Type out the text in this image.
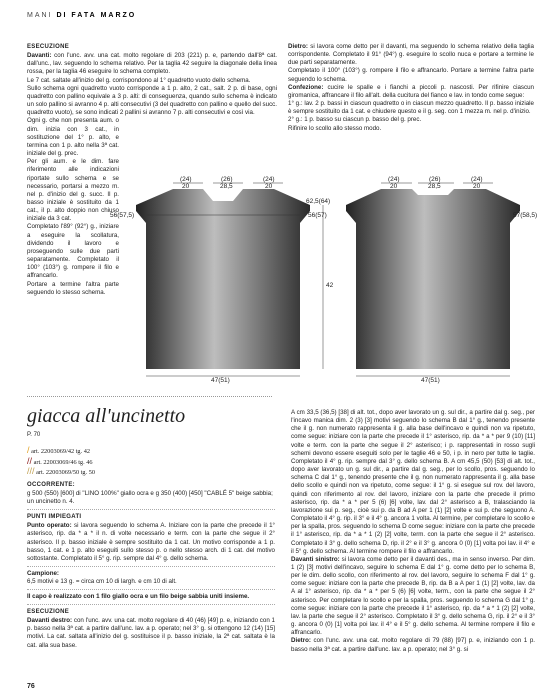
MANI DI FATA MARZO
ESECUZIONE

Davanti: con l'unc. avv. una cat. molto regolare di 203 (221) p. e, partendo dall'8ª cat. dall'unc., lav. seguendo lo schema relativo. Per la taglia 42 seguire la diagonale della linea rossa, per la taglia 46 eseguire lo schema completo.

Le 7 cat. saltate all'inizio del g. corrispondono al 1° quadretto vuoto dello schema.

Sullo schema ogni quadretto vuoto corrisponde a 1 p. alto, 2 cat., salt. 2 p. di base, ogni quadretto con pallino equivale a 3 p. alti: di conseguenza, quando sullo schema è indicato un solo pallino si avranno 4 p. alti consecutivi (3 del quadretto con pallino e quello del succ. quadretto vuoto), se sono indicati 2 pallini si avranno 7 p. alti consecutivi e così via.

Ogni g. che non presenta aum. o dim. inizia con 3 cat., in sostituzione del 1° p. alto, e termina con 1 p. alto nella 3ª cat. iniziale del g. prec.

Per gli aum. e le dim. fare riferimento alle indicazioni riportate sullo schema e se necessario, portarsi a mezzo m. nel p. d'inizio del g. succ. Il p. basso iniziale è sostituito da 1 cat., il p. alto doppio non chiuso iniziale da 3 cat.

Completato l'89° (92°) g., iniziare a eseguire la scollatura, dividendo il lavoro e proseguendo sulle due parti separatamente. Completato il 100° (103°) g. rompere il filo e affrancarlo.

Portare a termine l'altra parte seguendo lo stesso schema.

Dietro: si lavora come detto per il davanti, ma seguendo lo schema relativo della taglia corrispondente. Completato il 91° (94°) g. eseguire lo scollo nuca e portare a termine le due parti separatamente.

Completato il 100° (103°) g. rompere il filo e affrancarlo. Portare a termine l'altra parte seguendo lo schema.

Confezione: cucire le spalle e i fianchi a piccoli p. nascosti. Per rifinire ciascun giromanica, affrancare il filo all'alt. della cucitura del fianco e lav. in tondo come segue:

1° g.: lav. 2 p. bassi in ciascun quadretto o in ciascun mezzo quadretto. Il p. basso iniziale è sempre sostituito da 1 cat. e chiudere questo e il g. seg. con 1 mezza m. nel p. d'inizio.

2° g.: 1 p. basso su ciascun p. basso del g. prec.

Rifinire lo scollo allo stesso modo.

(24)
20
(26)
28,5
(24)
20
(24)
20
(26)
28,5
(24)
20
56(57,5)	56(57)	57(58,5)
62,5(64)
42
47(51)	47(51)
giacca all'uncinetto
P. 70
/ art. 22003069/42 tg. 42
// art. 22003069/46 tg. 46
/// art. 22003069/50 tg. 50
OCCORRENTE:
g 500 (550) [600] di "LINO 100%" giallo ocra e g 350 (400) [450] "CABLÉ 5" beige sabbia;
un uncinetto n. 4.
PUNTI IMPIEGATI
Punto operato: si lavora seguendo lo schema A. Iniziare con la parte che precede il 1° asterisco, rip. da * a * il n. di volte necessario e term. con la parte che segue il 2° asterisco. Il p. basso iniziale è sempre sostituito da 1 cat. Un motivo corrisponde a 1 p. basso, 1 cat. e 1 p. alto eseguiti sullo stesso p. o nello stesso arch. di 1 cat. del motivo sottostante. Completato il 5° g. rip. sempre dal 4° g. dello schema.
Campione:
6,5 motivi e 13 g. = circa cm 10 di largh. e cm 10 di alt.
Il capo è realizzato con 1 filo giallo ocra e un filo beige sabbia uniti insieme.
ESECUZIONE
Davanti destro: con l'unc. avv. una cat. molto regolare di 40 (46) [49] p. e, iniziando con 1 p. basso nella 3ª cat. a partire dall'unc. lav. a p. operato; nel 3° g. si ottengono 12 (14) [15] motivi. La cat. saltata all'inizio del g. sostituisce il p. basso iniziale, la 2ª cat. saltata è la cat. alla sua base.

A cm 33,5 (36,5) [38] di alt. tot., dopo aver lavorato un g. sul dir., a partire dal g. seg., per l'incavo manica dim. 2 (3) [3] motivi seguendo lo schema B dal 1° g., tenendo presente che il g. non numerato rappresenta il g. alla base dell'incavo e quindi non va ripetuto, come segue: iniziare con la parte che precede il 1° asterisco, rip. da * a * per 9 (10) [11] volte e term. con la parte che segue il 2° asterisco; i p. rappresentati in rosso sugli schemi devono essere eseguiti solo per le taglie 46 e 50, i p. in nero per tutte le taglie. Completato il 4° g. rip. sempre dal 3° g. dello schema B. A cm 45,5 (50) [53] di alt. tot., dopo aver lavorato un g. sul dir., a partire dal g. seg., per lo scollo, pros. seguendo lo schema C dal 1° g., tenendo presente che il g. non numerato rappresenta il g. alla base dello scollo e quindi non va ripetuto, come segue: il 1° g. si esegue sul rov. del lavoro, quindi con riferimento al rov. del lavoro, iniziare con la parte che precede il primo asterisco, rip. da * a * per 5 (6) [6] volte, lav. dal 2° asterisco a B, tralasciando la lavorazione sui p. seg., cioè sui p. da B ad A per 1 (1) [2] volte e sui p. che seguono A. Completato il 4° g. rip. il 3° e il 4° g. ancora 1 volta. Al termine, per completare lo scollo e per la spalla, pros. seguendo lo schema D come segue: iniziare con la parte che precede il 1° asterisco, rip. da * a * 1 (2) [2] volte, term. con la parte che segue il 2° asterisco. Completato il 3° g. dello schema D, rip. il 2° e il 3° g. ancora 0 (0) [1] volta poi lav. il 4° e il 5° g. dello schema. Al termine rompere il filo e affrancarlo.

Davanti sinistro: si lavora come detto per il davanti des., ma in senso inverso. Per dim. 1 (2) [3] motivi dell'incavo, seguire lo schema E dal 1° g. come detto per lo schema B, per le dim. dello scollo, con riferimento al rov. del lavoro, seguire lo schema F dal 1° g. come segue: iniziare con la parte che precede B, rip. da B a A per 1 (1) [2] volte, lav. da A al 1° asterisco, rip. da * a * per 5 (6) [6] volte, term., con la parte che segue il 2° asterisco. Per completare lo scollo e per la spalla, pros. seguendo lo schema G dal 1° g. come segue: iniziare con la parte che precede il 1° asterisco, rip. da * a * 1 (2) [2] volte, lav. la parte che segue il 2° asterisco. Completato il 3° g. dello schema G, rip. il 2° e il 3° g. ancora 0 (0) [1] volta poi lav. il 4° e il 5° g. dello schema. Al termine rompere il filo e affrancarlo.

Dietro: con l'unc. avv. una cat. molto regolare di 79 (88) [97] p. e, iniziando con 1 p. basso nella 3ª cat. a partire dall'unc. lav. a p. operato; nel 3° g. si

76
